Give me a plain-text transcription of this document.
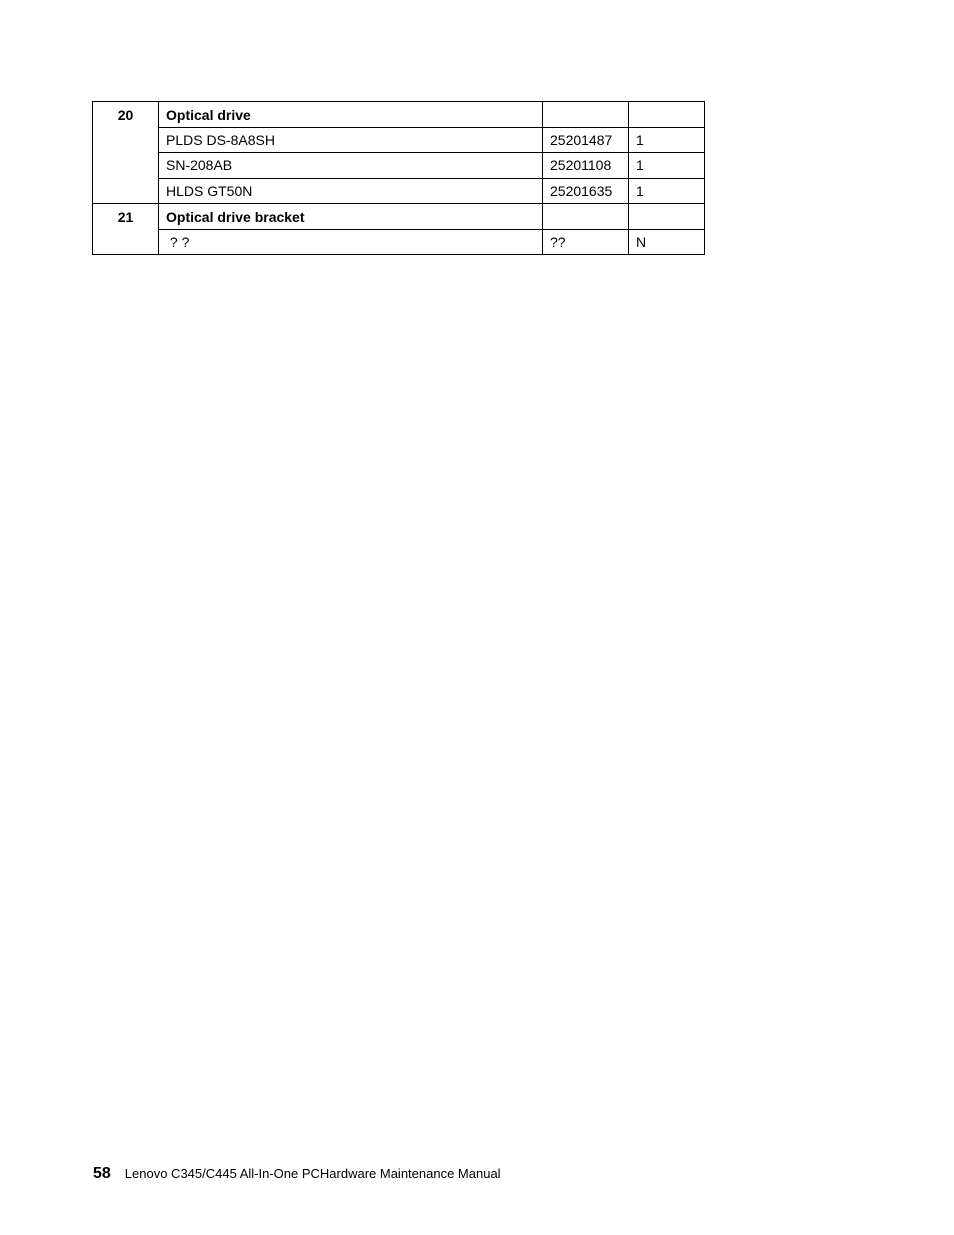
20	Optical drive		
	PLDS DS-8A8SH	25201487	1
	SN-208AB	25201108	1
	HLDS GT50N	25201635	1
21	Optical drive bracket		
	? ?	??	N
58 Lenovo C345/C445 All-In-One PCHardware Maintenance Manual
